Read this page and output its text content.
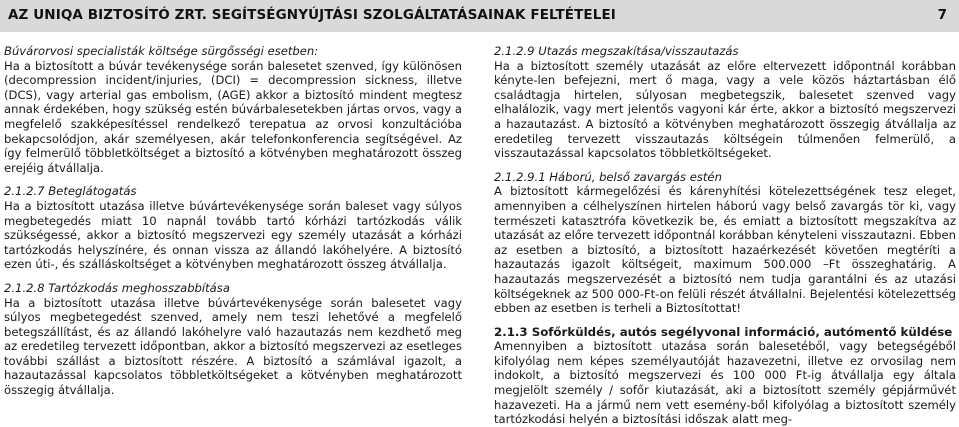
AZ UNIQA BIZTOSÍTÓ ZRT. SEGÍTSÉGNYÚJTÁSI SZOLGÁLTATÁSAINAK FELTÉTELEI	7

Búvárorvosi specialisták költsége sürgősségi esetben:

Ha a biztosított a búvár tevékenysége során balesetet szenved, így különösen (decompression incident/injuries, (DCI) = decompression sickness, illetve (DCS), vagy arterial gas embolism, (AGE) akkor a biztosító mindent megtesz annak érdekében, hogy szükség estén búvárbalesetekben jártas orvos, vagy a megfelelő szakképesítéssel rendelkező terepatua az orvosi konzultációba bekapcsolódjon, akár személyesen, akár telefonkonferencia segítségével. Az így felmerülő többletköltséget a biztosító a kötvényben meghatározott összeg erejéig átvállalja.

2.1.2.7 Beteglátogatás

Ha a biztosított utazása illetve búvártevékenysége során baleset vagy súlyos megbetegedés miatt 10 napnál tovább tartó kórházi tartózkodás válik szükségessé, akkor a biztosító megszervezi egy személy utazását a kórházi tartózkodás helyszínére, és onnan vissza az állandó lakóhelyére. A biztosító ezen úti-, és szálláskoltséget a kötvényben meghatározott összeg átvállalja.

2.1.2.8 Tartózkodás meghosszabbítása

Ha a biztosított utazása illetve búvártevékenysége során balesetet vagy súlyos megbetegedést szenved, amely nem teszi lehetővé a megfelelő betegszállítást, és az állandó lakóhelyre való hazautazás nem kezdhető meg az eredetileg tervezett időpontban, akkor a biztosító megszervezi az esetleges további szállást a biztosított részére. A biztosító a számlával igazolt, a hazautazással kapcsolatos többletköltségeket a kötvényben meghatározott összegig átvállalja.

2.1.2.9 Utazás megszakítása/visszautazás

Ha a biztosított személy utazását az előre eltervezett időpontnál korábban kényte-len befejezni, mert ő maga, vagy a vele közös háztartásban élő családtagja hirtelen, súlyosan megbetegszik, balesetet szenved vagy elhalálozik, vagy mert jelentős vagyoni kár érte, akkor a biztosító megszervezi a hazautazást. A biztosító a kötvényben meghatározott összegig átvállalja az eredetileg tervezett visszautazás költségein túlmenően felmerülő, a visszautazással kapcsolatos többletköltségeket.

2.1.2.9.1 Háború, belső zavargás estén

A biztosított kármegelőzési és kárenyhítési kötelezettségének tesz eleget, amennyiben a célhelyszínen hirtelen háború vagy belső zavargás tör ki, vagy természeti katasztrófa következik be, és emiatt a biztosított megszakítva az utazását az előre tervezett időpontnál korábban kényteleni visszautazni. Ebben az esetben a biztosító, a biztosított hazaérkezését követően megtéríti a hazautazás igazolt költségeit, maximum 500.000 –Ft összeghatárig. A hazautazás megszervezését a biztosító nem tudja garantálni és az utazási költségeknek az 500 000-Ft-on felüli részét átvállalni. Bejelentési kötelezettség ebben az esetben is terheli a Biztosítottat!

2.1.3 Sofőrküldés, autós segélyvonal információ, autómentő küldése

Amennyiben a biztosított utazása során balesetéből, vagy betegségéből kifolyólag nem képes személyautóját hazavezetni, illetve ez orvosilag nem indokolt, a biztosító megszervezi és 100 000 Ft-ig átvállalja egy általa megjelölt személy / sofőr kiutazását, aki a biztosított személy gépjárművét hazavezeti. Ha a jármű nem vett esemény-ből kifolyólag a biztosított személy tartózkodási helyén a biztosítási időszak alatt meg-
